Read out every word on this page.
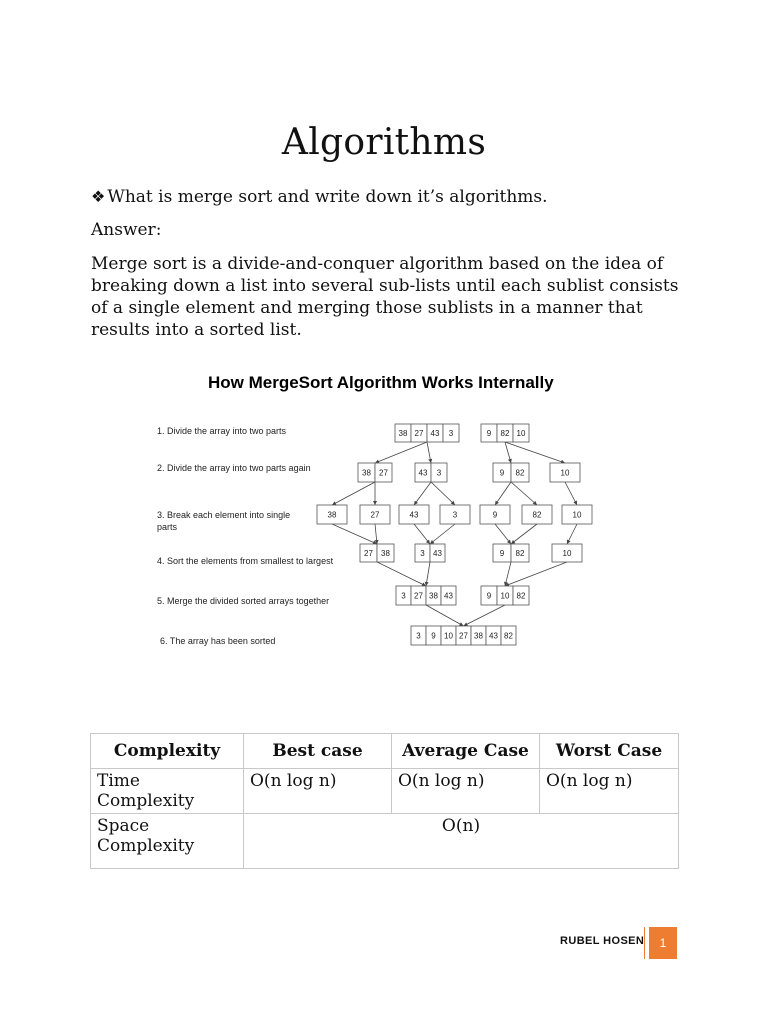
Algorithms
❖ What is merge sort and write down it’s algorithms.
Answer:
Merge sort is a divide-and-conquer algorithm based on the idea of breaking down a list into several sub-lists until each sublist consists of a single element and merging those sublists in a manner that results into a sorted list.
How MergeSort Algorithm Works Internally
1. Divide the array into two parts
2. Divide the array into two parts again
3. Break each element into single
parts
4. Sort the elements from smallest to largest
5. Merge the divided sorted arrays together
6. The array has been sorted
38 27 43 3	9 82 10
38 27	43 3	9 82	10
38	27	43	3	9	82	10
27 38	3 43	9 82	10
3 27 38 43	9 10 82
3 9 10 27 38 43 82
Complexity	Best case	Average Case	Worst Case
Time Complexity	O(n log n)	O(n log n)	O(n log n)
Space Complexity	O(n)		
RUBEL HOSEN	1
